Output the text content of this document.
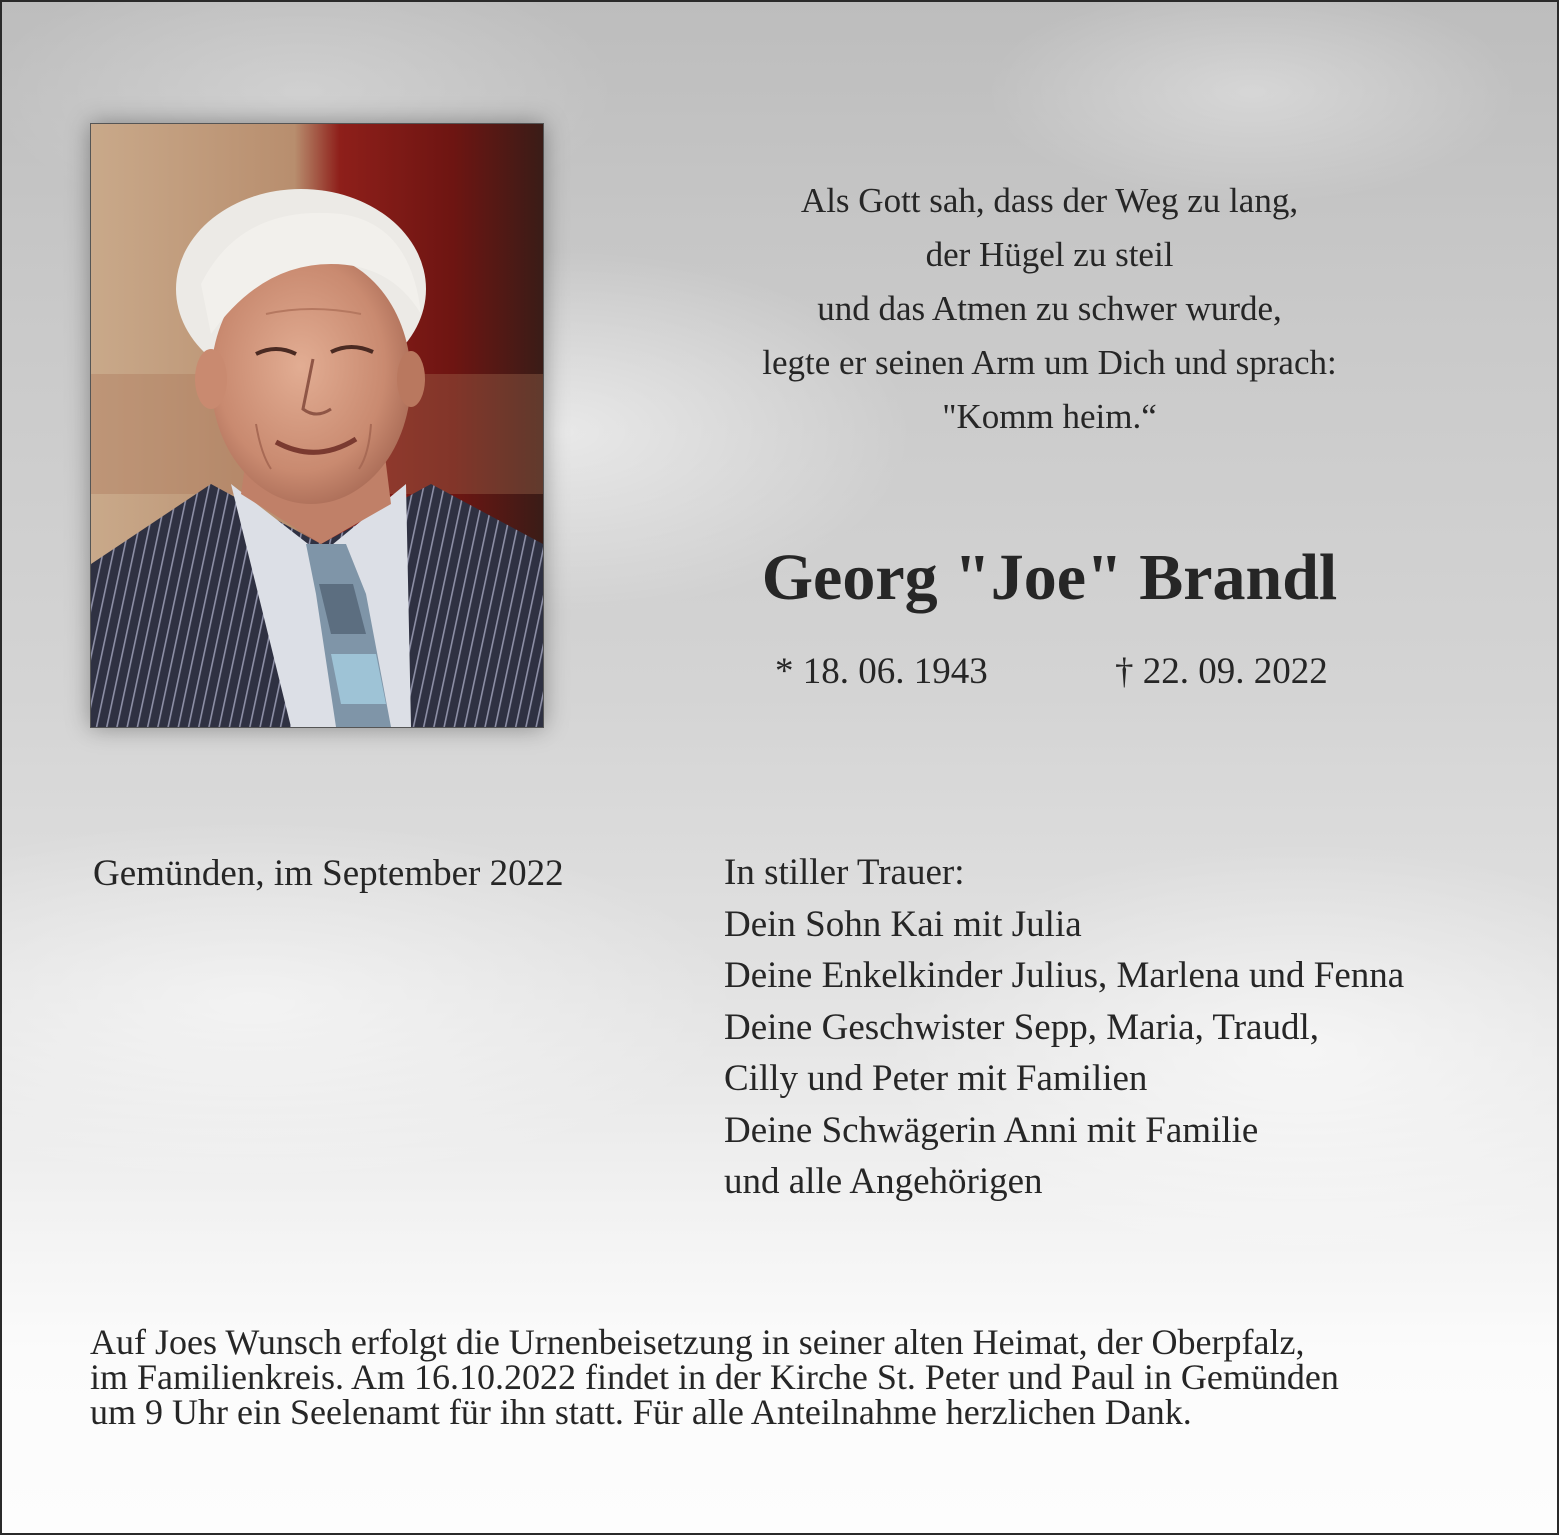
Als Gott sah, dass der Weg zu lang,
der Hügel zu steil
und das Atmen zu schwer wurde,
legte er seinen Arm um Dich und sprach:
"Komm heim.“
Georg "Joe" Brandl
* 18. 06. 1943	† 22. 09. 2022
Gemünden, im September 2022	In stiller Trauer:
Dein Sohn Kai mit Julia
Deine Enkelkinder Julius, Marlena und Fenna
Deine Geschwister Sepp, Maria, Traudl,
Cilly und Peter mit Familien
Deine Schwägerin Anni mit Familie
und alle Angehörigen
Auf Joes Wunsch erfolgt die Urnenbeisetzung in seiner alten Heimat, der Oberpfalz,
im Familienkreis. Am 16.10.2022 findet in der Kirche St. Peter und Paul in Gemünden
um 9 Uhr ein Seelenamt für ihn statt. Für alle Anteilnahme herzlichen Dank.
